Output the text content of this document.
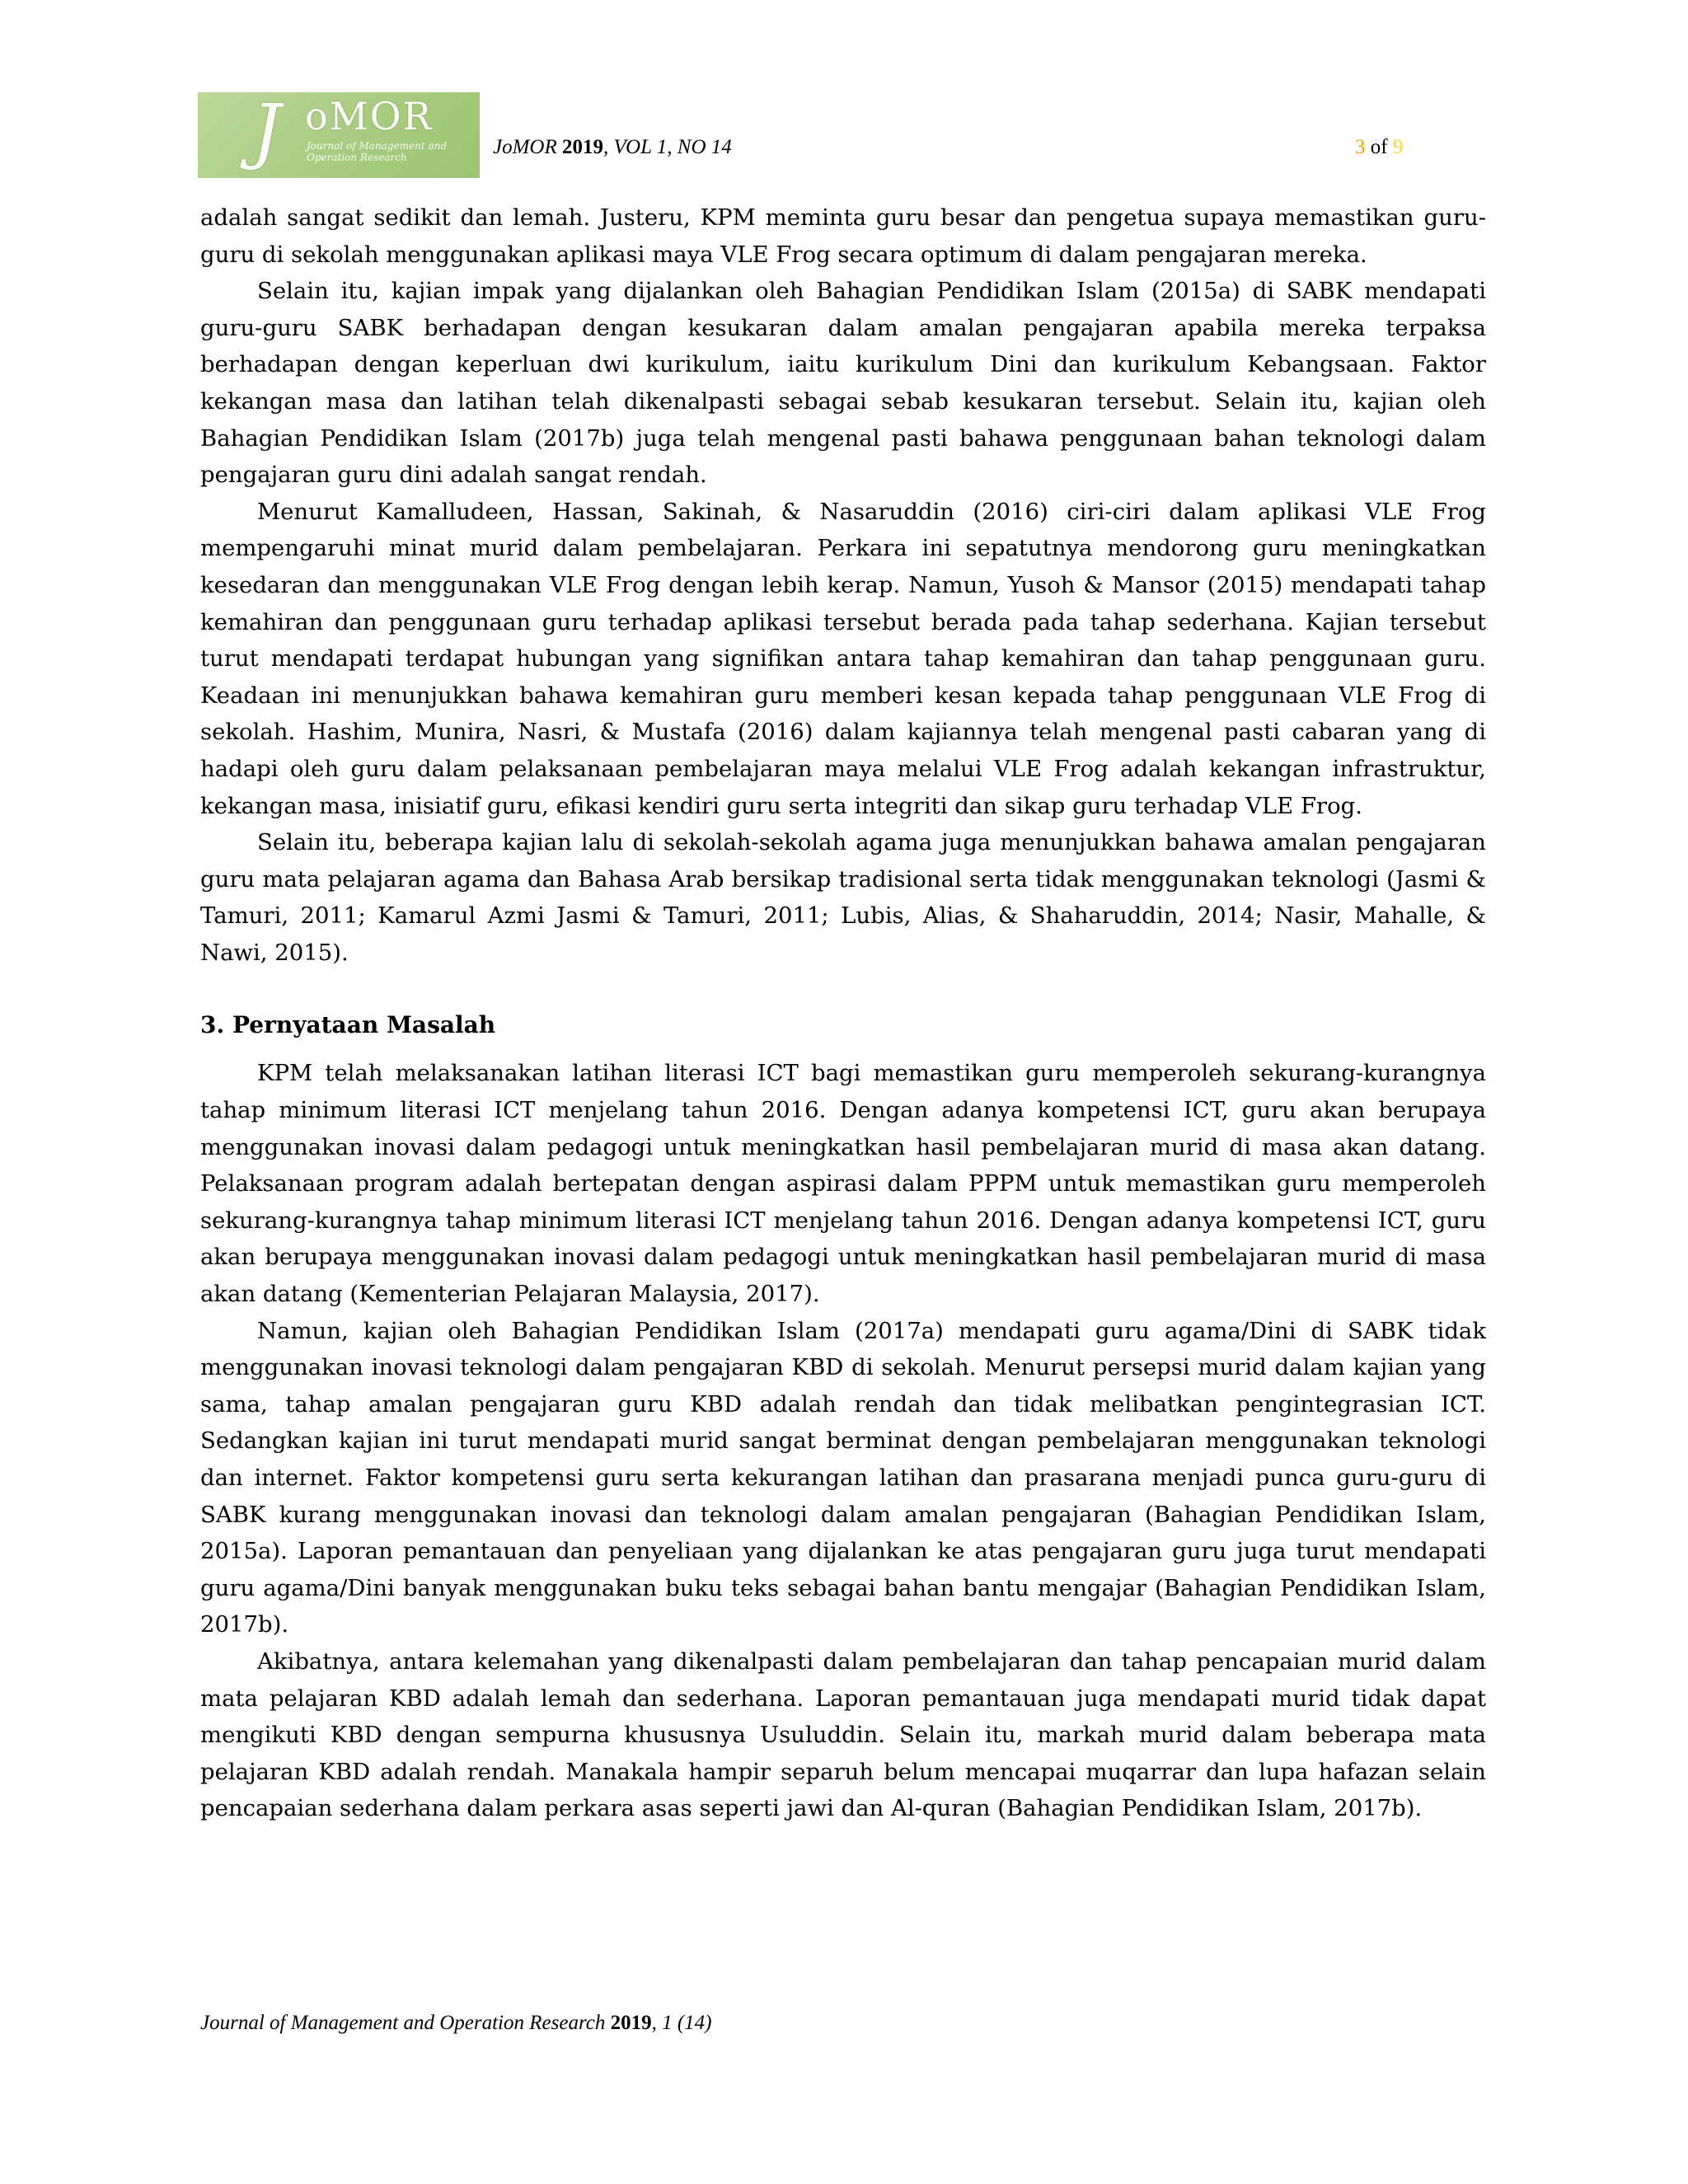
J oMOR
Journal of Management and Operation Research	JoMOR 2019, VOL 1, NO 14	3 of 9

adalah sangat sedikit dan lemah. Justeru, KPM meminta guru besar dan pengetua supaya memastikan guru-guru di sekolah menggunakan aplikasi maya VLE Frog secara optimum di dalam pengajaran mereka.

Selain itu, kajian impak yang dijalankan oleh Bahagian Pendidikan Islam (2015a) di SABK mendapati guru-guru SABK berhadapan dengan kesukaran dalam amalan pengajaran apabila mereka terpaksa berhadapan dengan keperluan dwi kurikulum, iaitu kurikulum Dini dan kurikulum Kebangsaan. Faktor kekangan masa dan latihan telah dikenalpasti sebagai sebab kesukaran tersebut. Selain itu, kajian oleh Bahagian Pendidikan Islam (2017b) juga telah mengenal pasti bahawa penggunaan bahan teknologi dalam pengajaran guru dini adalah sangat rendah.

Menurut Kamalludeen, Hassan, Sakinah, & Nasaruddin (2016) ciri-ciri dalam aplikasi VLE Frog mempengaruhi minat murid dalam pembelajaran. Perkara ini sepatutnya mendorong guru meningkatkan kesedaran dan menggunakan VLE Frog dengan lebih kerap. Namun, Yusoh & Mansor (2015) mendapati tahap kemahiran dan penggunaan guru terhadap aplikasi tersebut berada pada tahap sederhana. Kajian tersebut turut mendapati terdapat hubungan yang signifikan antara tahap kemahiran dan tahap penggunaan guru. Keadaan ini menunjukkan bahawa kemahiran guru memberi kesan kepada tahap penggunaan VLE Frog di sekolah. Hashim, Munira, Nasri, & Mustafa (2016) dalam kajiannya telah mengenal pasti cabaran yang di hadapi oleh guru dalam pelaksanaan pembelajaran maya melalui VLE Frog adalah kekangan infrastruktur, kekangan masa, inisiatif guru, efikasi kendiri guru serta integriti dan sikap guru terhadap VLE Frog.

Selain itu, beberapa kajian lalu di sekolah-sekolah agama juga menunjukkan bahawa amalan pengajaran guru mata pelajaran agama dan Bahasa Arab bersikap tradisional serta tidak menggunakan teknologi (Jasmi & Tamuri, 2011; Kamarul Azmi Jasmi & Tamuri, 2011; Lubis, Alias, & Shaharuddin, 2014; Nasir, Mahalle, & Nawi, 2015).

3. Pernyataan Masalah

KPM telah melaksanakan latihan literasi ICT bagi memastikan guru memperoleh sekurang-kurangnya tahap minimum literasi ICT menjelang tahun 2016. Dengan adanya kompetensi ICT, guru akan berupaya menggunakan inovasi dalam pedagogi untuk meningkatkan hasil pembelajaran murid di masa akan datang. Pelaksanaan program adalah bertepatan dengan aspirasi dalam PPPM untuk memastikan guru memperoleh sekurang-kurangnya tahap minimum literasi ICT menjelang tahun 2016. Dengan adanya kompetensi ICT, guru akan berupaya menggunakan inovasi dalam pedagogi untuk meningkatkan hasil pembelajaran murid di masa akan datang (Kementerian Pelajaran Malaysia, 2017).

Namun, kajian oleh Bahagian Pendidikan Islam (2017a) mendapati guru agama/Dini di SABK tidak menggunakan inovasi teknologi dalam pengajaran KBD di sekolah. Menurut persepsi murid dalam kajian yang sama, tahap amalan pengajaran guru KBD adalah rendah dan tidak melibatkan pengintegrasian ICT. Sedangkan kajian ini turut mendapati murid sangat berminat dengan pembelajaran menggunakan teknologi dan internet. Faktor kompetensi guru serta kekurangan latihan dan prasarana menjadi punca guru-guru di SABK kurang menggunakan inovasi dan teknologi dalam amalan pengajaran (Bahagian Pendidikan Islam, 2015a). Laporan pemantauan dan penyeliaan yang dijalankan ke atas pengajaran guru juga turut mendapati guru agama/Dini banyak menggunakan buku teks sebagai bahan bantu mengajar (Bahagian Pendidikan Islam, 2017b).

Akibatnya, antara kelemahan yang dikenalpasti dalam pembelajaran dan tahap pencapaian murid dalam mata pelajaran KBD adalah lemah dan sederhana. Laporan pemantauan juga mendapati murid tidak dapat mengikuti KBD dengan sempurna khususnya Usuluddin. Selain itu, markah murid dalam beberapa mata pelajaran KBD adalah rendah. Manakala hampir separuh belum mencapai muqarrar dan lupa hafazan selain pencapaian sederhana dalam perkara asas seperti jawi dan Al-quran (Bahagian Pendidikan Islam, 2017b).

Journal of Management and Operation Research 2019, 1 (14)
